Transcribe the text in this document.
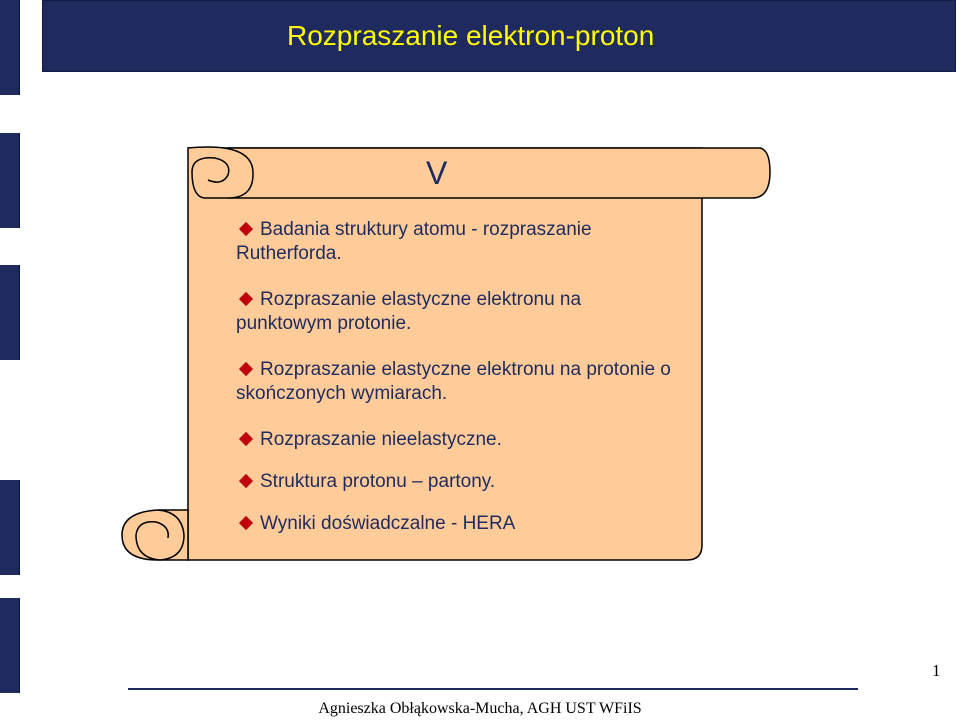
Rozpraszanie elektron-proton
V
Badania struktury atomu - rozpraszanie Rutherforda.
Rozpraszanie elastyczne elektronu na punktowym protonie.
Rozpraszanie elastyczne elektronu na protonie o skończonych wymiarach.
Rozpraszanie nieelastyczne.
Struktura protonu – partony.
Wyniki doświadczalne - HERA
1
Agnieszka Obłąkowska-Mucha, AGH UST WFiIS
